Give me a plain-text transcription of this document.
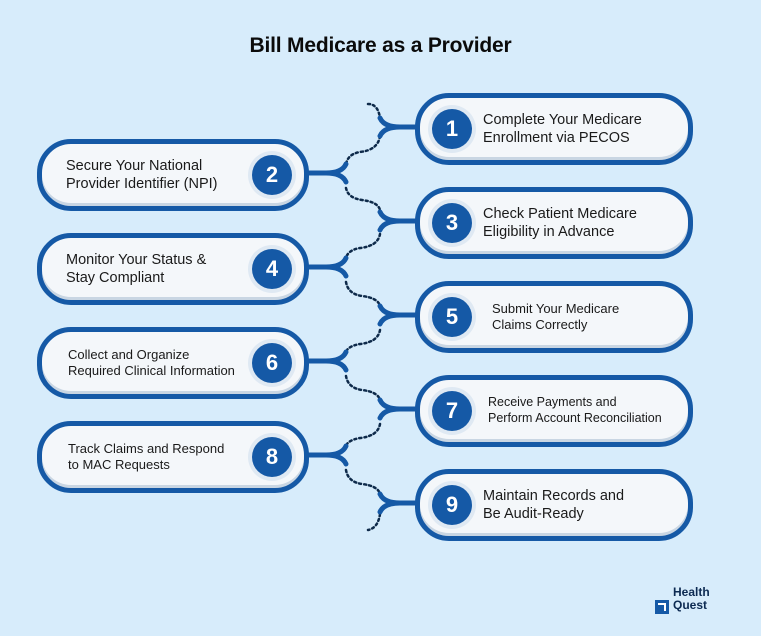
Bill Medicare as a Provider
1	Complete Your Medicare
Enrollment via PECOS
2
Secure Your National
Provider Identifier (NPI)
3	Check Patient Medicare
Eligibility in Advance
4
Monitor Your Status &
Stay Compliant
5	Submit Your Medicare
Claims Correctly
6
Collect and Organize
Required Clinical Information
7	Receive Payments and
Perform Account Reconciliation
8
Track Claims and Respond
to MAC Requests
9	Maintain Records and
Be Audit-Ready
Health
Quest
